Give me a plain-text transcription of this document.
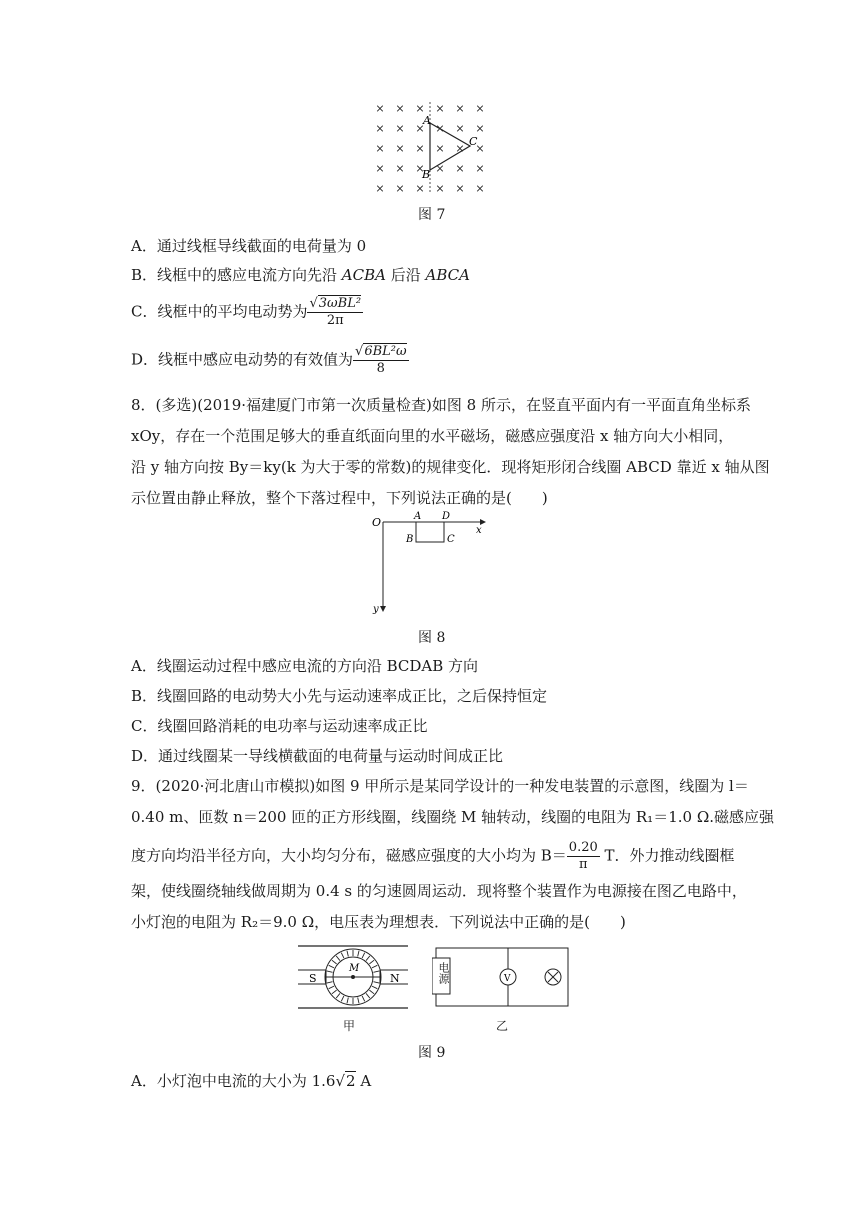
× × × × × ×
× × × × × ×
× × × × × ×
× × × × × ×
× × × × × ×
A
B
C
图 7
A．通过线框导线截面的电荷量为 0
B．线框中的感应电流方向先沿 ACBA 后沿 ABCA
C．线框中的平均电动势为 $\frac{\text{√3ωBL²}}{2\pi}$
D．线框中感应电动势的有效值为 $\frac{\text{√6BL²ω}}{8}$
8．(多选)(2019·福建厦门市第一次质量检查)如图 8 所示，在竖直平面内有一平面直角坐标系
xOy，存在一个范围足够大的垂直纸面向里的水平磁场，磁感应强度沿 x 轴方向大小相同，
沿 y 轴方向按 By＝ky(k 为大于零的常数)的规律变化．现将矩形闭合线圈 ABCD 靠近 x 轴从图
示位置由静止释放，整个下落过程中，下列说法正确的是(　　)
O	A D
B	C
x
y
图 8
A．线圈运动过程中感应电流的方向沿 BCDAB 方向
B．线圈回路的电动势大小先与运动速率成正比，之后保持恒定
C．线圈回路消耗的电功率与运动速率成正比
D．通过线圈某一导线横截面的电荷量与运动时间成正比
9．(2020·河北唐山市模拟)如图 9 甲所示是某同学设计的一种发电装置的示意图，线圈为 l＝
0.40 m、匝数 n＝200 匝的正方形线圈，线圈绕 M 轴转动，线圈的电阻为 R₁＝1.0 Ω.磁感应强
度方向均沿半径方向，大小均匀分布，磁感应强度的大小均为 $B= \frac{0.20}{\pi}$ T．外力推动线圈框
架，使线圈绕轴线做周期为 0.4 s 的匀速圆周运动．现将整个装置作为电源接在图乙电路中，
小灯泡的电阻为 R₂＝9.0 Ω，电压表为理想表．下列说法中正确的是(　　)
S	N
M
甲
V
电源
乙
图 9
A．小灯泡中电流的大小为 1.6√2 A
